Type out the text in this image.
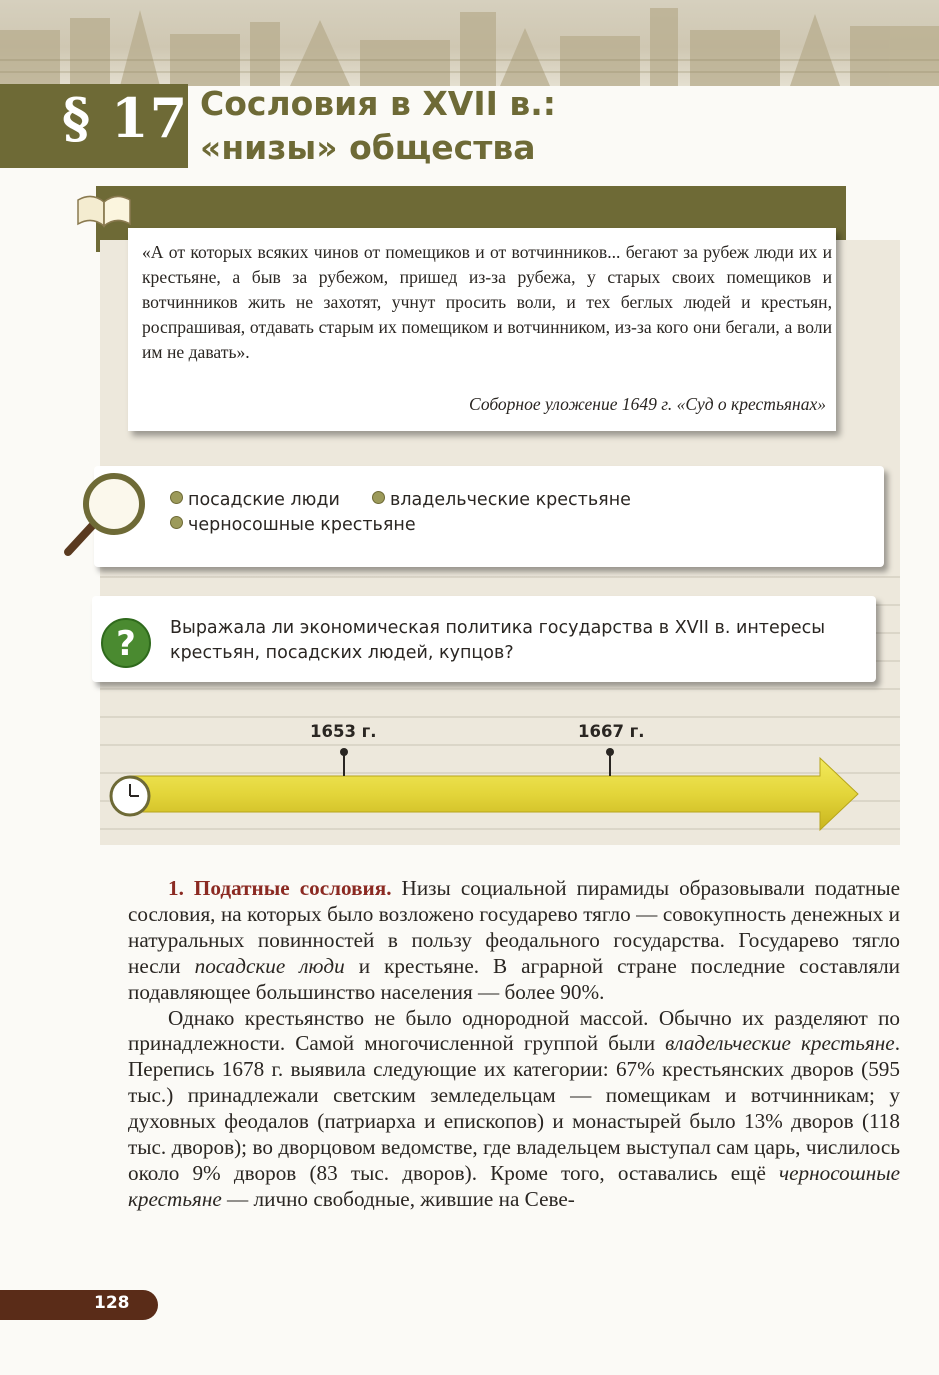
§ 17 Сословия в XVII в.:
«низы» общества
«А от которых всяких чинов от помещиков и от вотчинников... бегают за рубеж люди их и крестьяне, а быв за рубежом, пришед из-за рубежа, у старых своих помещиков и вотчинников жить не захотят, учнут просить воли, и тех беглых людей и крестьян, роспрашивая, отдавать старым их помещиком и вотчинником, из-за кого они бегали, а воли им не давать».
Соборное уложение 1649 г. «Суд о крестьянах»
посадские люди	владельческие крестьяне
черносошные крестьяне
? Выражала ли экономическая политика государства в XVII в. интересы крестьян, посадских людей, купцов?
1653 г.	1667 г.

1. Податные сословия. Низы социальной пирамиды образовывали податные сословия, на которых было возложено государево тягло — совокупность денежных и натуральных повинностей в пользу феодального государства. Государево тягло несли посадские люди и крестьяне. В аграрной стране последние составляли подавляющее большинство населения — более 90%.

Однако крестьянство не было однородной массой. Обычно их разделяют по принадлежности. Самой многочисленной группой были владельческие крестьяне. Перепись 1678 г. выявила следующие их категории: 67% крестьянских дворов (595 тыс.) принадлежали светским земледельцам — помещикам и вотчинникам; у духовных феодалов (патриарха и епископов) и монастырей было 13% дворов (118 тыс. дворов); во дворцовом ведомстве, где владельцем выступал сам царь, числилось около 9% дворов (83 тыс. дворов). Кроме того, оставались ещё черносошные крестьяне — лично свободные, жившие на Севе-

128
